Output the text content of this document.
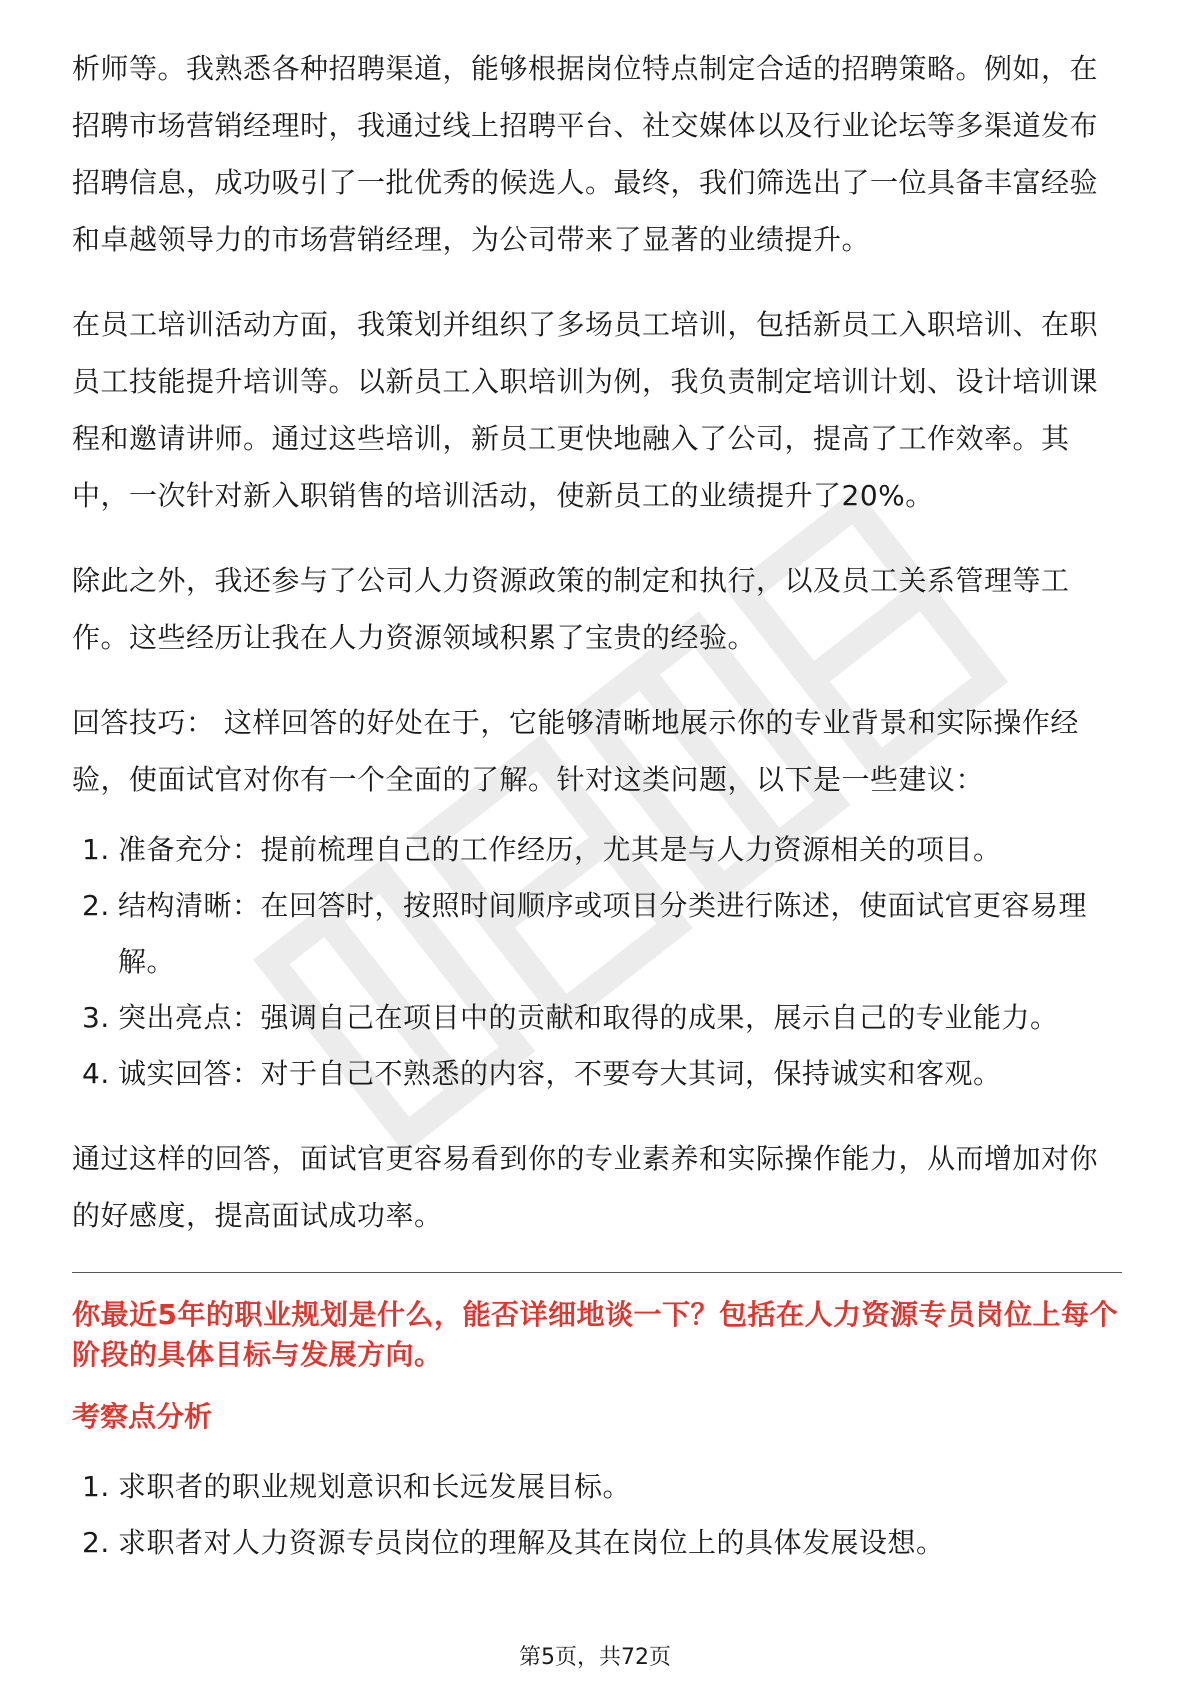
析师等。我熟悉各种招聘渠道，能够根据岗位特点制定合适的招聘策略。例如，在招聘市场营销经理时，我通过线上招聘平台、社交媒体以及行业论坛等多渠道发布招聘信息，成功吸引了一批优秀的候选人。最终，我们筛选出了一位具备丰富经验和卓越领导力的市场营销经理，为公司带来了显著的业绩提升。

在员工培训活动方面，我策划并组织了多场员工培训，包括新员工入职培训、在职员工技能提升培训等。以新员工入职培训为例，我负责制定培训计划、设计培训课程和邀请讲师。通过这些培训，新员工更快地融入了公司，提高了工作效率。其中，一次针对新入职销售的培训活动，使新员工的业绩提升了20%。

除此之外，我还参与了公司人力资源政策的制定和执行，以及员工关系管理等工作。这些经历让我在人力资源领域积累了宝贵的经验。

回答技巧： 这样回答的好处在于，它能够清晰地展示你的专业背景和实际操作经验，使面试官对你有一个全面的了解。针对这类问题，以下是一些建议：

1. 准备充分：提前梳理自己的工作经历，尤其是与人力资源相关的项目。
2. 结构清晰：在回答时，按照时间顺序或项目分类进行陈述，使面试官更容易理解。
3. 突出亮点：强调自己在项目中的贡献和取得的成果，展示自己的专业能力。
4. 诚实回答：对于自己不熟悉的内容，不要夸大其词，保持诚实和客观。

通过这样的回答，面试官更容易看到你的专业素养和实际操作能力，从而增加对你的好感度，提高面试成功率。

你最近5年的职业规划是什么，能否详细地谈一下？包括在人力资源专员岗位上每个阶段的具体目标与发展方向。

考察点分析

1. 求职者的职业规划意识和长远发展目标。
2. 求职者对人力资源专员岗位的理解及其在岗位上的具体发展设想。
第5页，共72页
